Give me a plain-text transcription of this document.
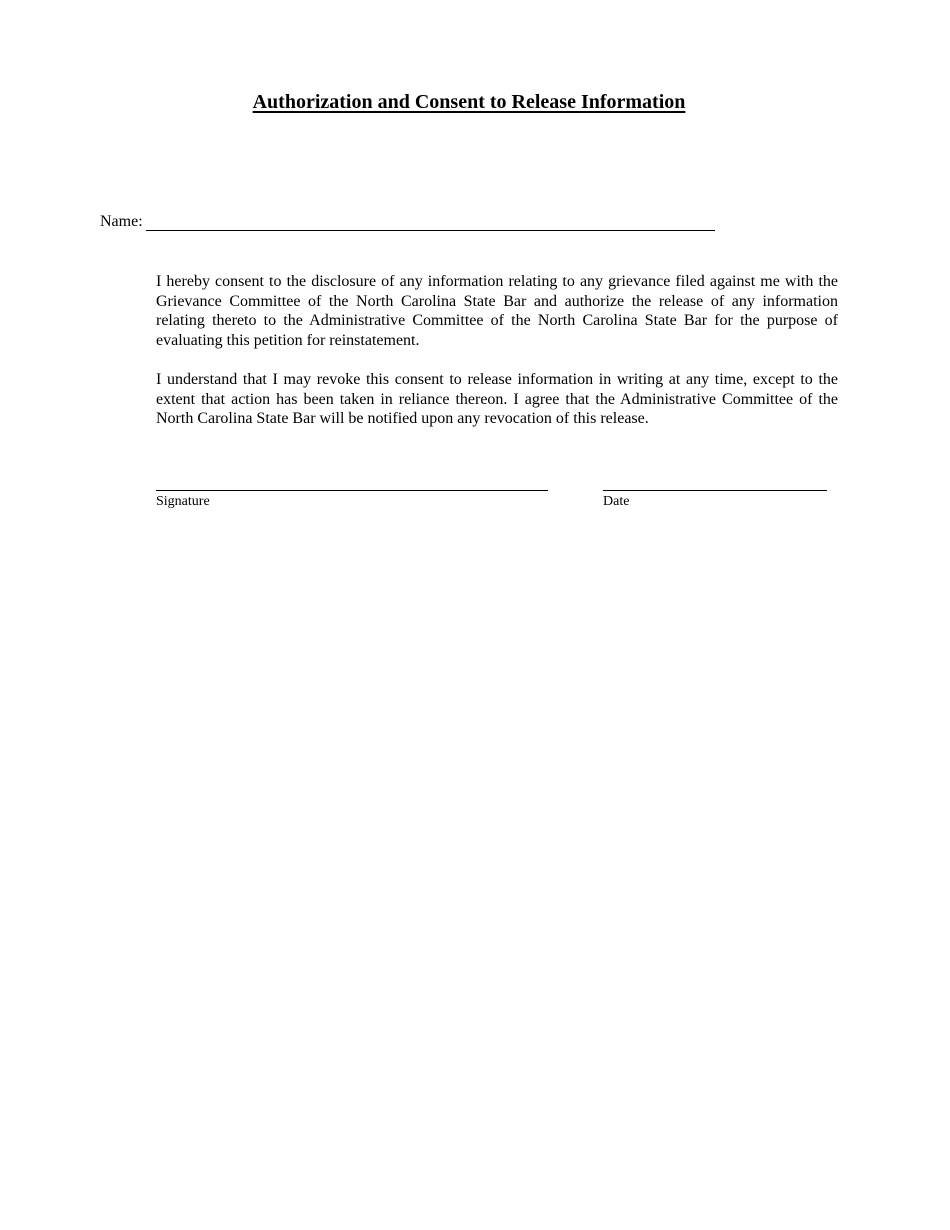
Authorization and Consent to Release Information
Name:

I hereby consent to the disclosure of any information relating to any grievance filed against me with the Grievance Committee of the North Carolina State Bar and authorize the release of any information relating thereto to the Administrative Committee of the North Carolina State Bar for the purpose of evaluating this petition for reinstatement.

I understand that I may revoke this consent to release information in writing at any time, except to the extent that action has been taken in reliance thereon. I agree that the Administrative Committee of the North Carolina State Bar will be notified upon any revocation of this release.

Signature	Date
